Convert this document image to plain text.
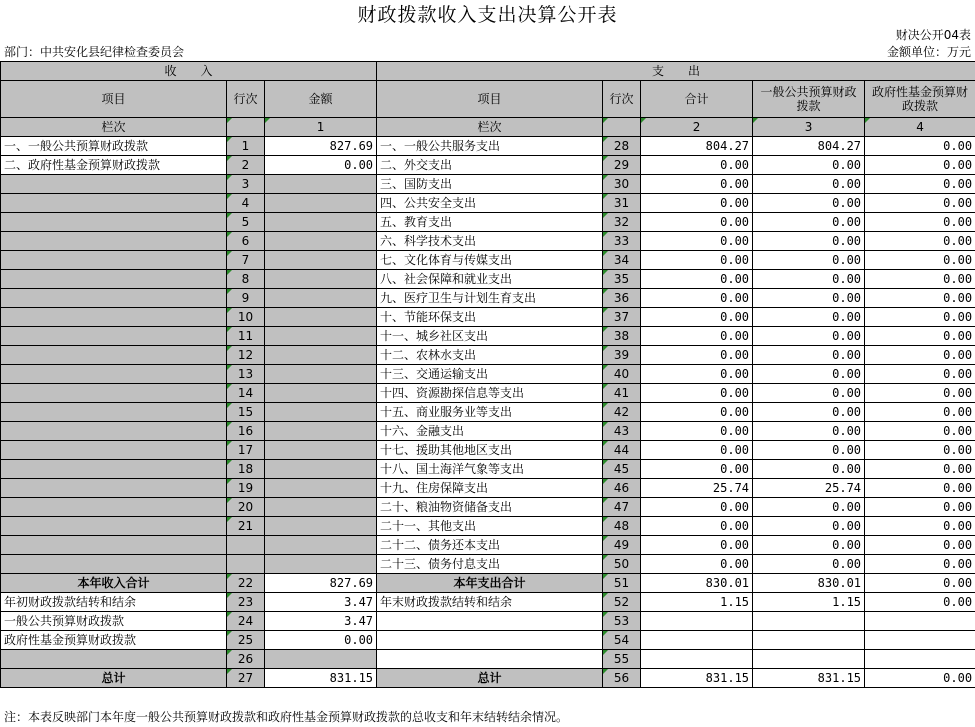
财政拨款收入支出决算公开表
财决公开04表
部门：中共安化县纪律检查委员会	金额单位：万元
收　　入			支　　出				
项目	行次	金额	项目	行次	合计	一般公共预算财政拨款	政府性基金预算财政拨款
栏次		1	栏次		2	3	4
一、一般公共预算财政拨款	1	827.69	一、一般公共服务支出	28	804.27	804.27	0.00
二、政府性基金预算财政拨款	2	0.00	二、外交支出	29	0.00	0.00	0.00
	3		三、国防支出	30	0.00	0.00	0.00
	4		四、公共安全支出	31	0.00	0.00	0.00
	5		五、教育支出	32	0.00	0.00	0.00
	6		六、科学技术支出	33	0.00	0.00	0.00
	7		七、文化体育与传媒支出	34	0.00	0.00	0.00
	8		八、社会保障和就业支出	35	0.00	0.00	0.00
	9		九、医疗卫生与计划生育支出	36	0.00	0.00	0.00
	10		十、节能环保支出	37	0.00	0.00	0.00
	11		十一、城乡社区支出	38	0.00	0.00	0.00
	12		十二、农林水支出	39	0.00	0.00	0.00
	13		十三、交通运输支出	40	0.00	0.00	0.00
	14		十四、资源勘探信息等支出	41	0.00	0.00	0.00
	15		十五、商业服务业等支出	42	0.00	0.00	0.00
	16		十六、金融支出	43	0.00	0.00	0.00
	17		十七、援助其他地区支出	44	0.00	0.00	0.00
	18		十八、国土海洋气象等支出	45	0.00	0.00	0.00
	19		十九、住房保障支出	46	25.74	25.74	0.00
	20		二十、粮油物资储备支出	47	0.00	0.00	0.00
	21		二十一、其他支出	48	0.00	0.00	0.00
			二十二、债务还本支出	49	0.00	0.00	0.00
			二十三、债务付息支出	50	0.00	0.00	0.00
本年收入合计	22	827.69	本年支出合计	51	830.01	830.01	0.00
年初财政拨款结转和结余	23	3.47	年末财政拨款结转和结余	52	1.15	1.15	0.00
一般公共预算财政拨款	24	3.47		53			
政府性基金预算财政拨款	25	0.00		54			
	26			55			
总计	27	831.15	总计	56	831.15	831.15	0.00
注：本表反映部门本年度一般公共预算财政拨款和政府性基金预算财政拨款的总收支和年末结转结余情况。
